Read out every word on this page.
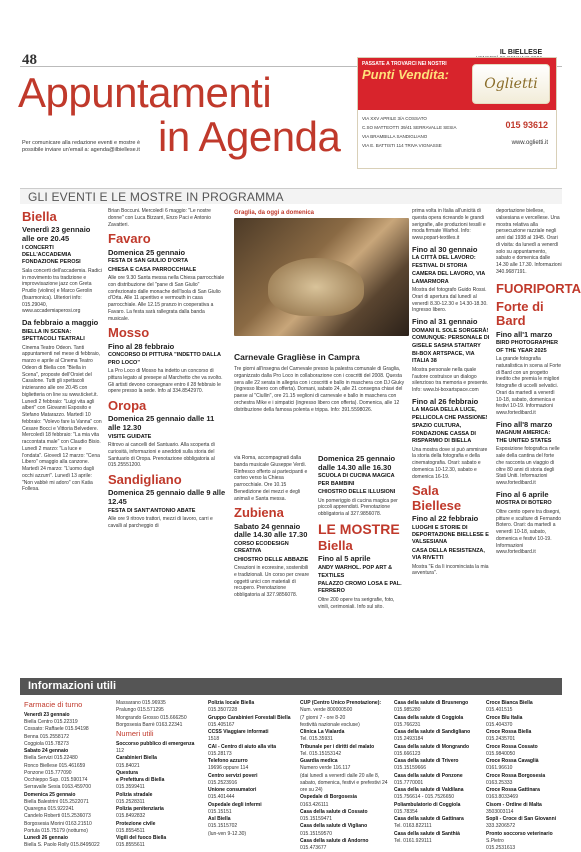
48	IL BIELLESE
Appuntamenti
in Agenda
Per comunicare alla redazione eventi e mostre è possibile inviare un'email a: agenda@ilbiellese.it
PASSATE A TROVARCI NEI NOSTRI
Punti Vendita:
Oglietti
VIA XXV APRILE 3/A COSSATO
C.SO MATTEOTTI 39/41 SERRAVALLE SESIA
VIA BRAMBILLA SANDIGLIANO
VIA E. BATTISTI 114 TRIVA VIGNASSE
015 93612
www.oglietti.it
GLI EVENTI E LE MOSTRE IN PROGRAMMA
Biella
Venerdì 23 gennaio alle ore 20.45
I CONCERTI DELL'ACCADEMIA FONDAZIONE PEROSI
Sala concerti dell'accademia. Radici in movimento tra tradizione e improvvisazione jazz con Greta Prudio (violino) e Marco Gerolin (fisarmonica). Ulteriori info: 015.29040, www.accademiaperosi.org
Da febbraio a maggio
BIELLA IN SCENA: SPETTACOLI TEATRALI
Cinema Teatro Odeon. Tanti appuntamenti nel mese di febbraio, marzo e aprile al Cinema Teatro Odeon di Biella con "Biella in Scena", proposte dell'Orsiet del Casalone. Tutti gli spettacoli inizieranno alle ore 20.45 con biglietteria on line su www.ticket.it. Lunedì 2 febbraio: "Luigi vita agli alberi" con Giovanni Esposito e Stefano Matarazzo. Martedì 10 febbraio: "Volevo fare la Vanna" con Cesare Bocci e Vittoria Belvedere. Mercoledì 18 febbraio: "La mia vita raccontata male" con Claudio Bisio. Lunedì 2 marzo: "La luce e l'ondata". Giovedì 12 marzo: "Cena Libero" omaggio alla canzone. Martedì 24 marzo: "L'uomo dagli occhi azzurri". Lunedì 13 aprile: "Non vabbè mi adoro" con Katia Follesa.
Brian Boccuni. Mercoledì 6 maggio: "Le nostre donne" con Luca Bizzarri, Enzo Paci e Antonio Zavatteri.
Favaro
Domenica 25 gennaio
FESTA DI SAN GIULIO D'ORTA
CHIESA E CASA PARROCCHIALE
Alle ore 9.30 Santa messa nella Chiesa parrocchiale con distribuzione del "pane di San Giulio" confezionato dalle monache dell'Isola di San Giulio d'Orta. Alle 11 aperitivo e vermouth in casa parrocchiale. Alle 12.15 pranzo in cooperativa a Favaro. La festa sarà rallegrata dalla banda musicale.
Mosso
Fino al 28 febbraio
CONCORSO DI PITTURA "INDETTO DALLA PRO LOCO"
La Pro Loco di Mosso ha indetto un concorso di pittura legato al presepe al Marchetto che va svolto. Gli artisti devono consegnare entro il 28 febbraio le opere presso la sede. Info al 334.8542970.
Oropa
Domenica 25 gennaio dalle 11 alle 12.30
VISITE GUIDATE
Ritrovo ai cancelli del Santuario. Alla scoperta di curiosità, informazioni e aneddoti sulla storia del Santuario di Oropa. Prenotazione obbligatoria al 015.25551200.
Sandigliano
Domenica 25 gennaio dalle 9 alle 12.45
FESTA DI SANT'ANTONIO ABATE
Alle ore 9 ritrovo trattori, mezzi di lavoro, carri e cavalli al parcheggio di
Graglia, da oggi a domenica
Carnevale Graglièse in Campra
Tre giorni all'insegna del Carnevale presso la palestra comunale di Graglia, organizzato dalla Pro Loco in collaborazione con i coscritti del 2008. Questa sera alle 22 serata in allegria con i coscritti e ballo in maschera con DJ Giuky (ingresso libero con offerta). Domani, sabato 24, alle 21 consegna chiavi del paese al "Ciullin", ore 21.15 veglioni di carnevale e ballo in maschera con orchestra Mike e i simpatici (ingresso libero con offerta). Domenica, alle 12 distribuzione della famosa polenta e trippa. Info: 391.5598026.
via Roma, accompagnati dalla banda musicale Giuseppe Verdi. Rinfresco offerto ai partecipanti e corteo verso la Chiesa parrocchiale. Ore 10.15 Benedizione dei mezzi e degli animali e Santa messa.
Zubiena
Sabato 24 gennaio dalle 14.30 alle 17.30
CORSO ECODESIGN CREATIVA
CHIOSTRO DELLE ABBAZIE
Creazioni in ecoresine, sostenibili e tradizionali. Un corso per creare oggetti unici con materiali di recupero. Prenotazione obbligatoria al 327.9856078.
Domenica 25 gennaio dalle 14.30 alle 16.30
SCUOLA DI CUCINA MAGICA PER BAMBINI
CHIOSTRO DELLE ILLUSIONI
Un pomeriggio di cucina magica per piccoli apprendisti. Prenotazione obbligatoria al 327.9856078.
LE MOSTRE
Biella
Fino al 5 aprile
ANDY WARHOL. POP ART & TEXTILES
PALAZZO CROMO LOSA E PAL. FERRERO
Oltre 200 opere tra serigrafie, foto, vinili, cerimoniali. Info sul sito.
prima volta in Italia all'unicità di questa opera ricreando le grandi serigrafie, alle produzioni tessili e moda firmate Warhol. Info: www.popart-textiles.it
Fino al 30 gennaio
LA CITTÀ DEL LAVORO: FESTIVAL DI STORIA
CAMERA DEL LAVORO, VIA LAMARMORA
Mostra del fotografo Guido Rossi. Orari di apertura dal lunedì al venerdì 8.30-12.30 e 14.30-18.30. Ingresso libero.
Fino al 31 gennaio
DOMANI IL SOLE SORGERÀ! COMUNQUE: PERSONALE DI GISELE SASHA STAITARY
BI-BOX ARTSPACE, VIA ITALIA 38
Mostra personale nella quale l'autore costruisce un dialogo silenzioso tra memoria e presente. Info: www.bi-boxartspace.com
Fino al 26 febbraio
LA MAGIA DELLA LUCE, PELLICOLA CHE PASSIONE!
SPAZIO CULTURA, FONDAZIONE CASSA DI RISPARMIO DI BIELLA
Una mostra dove si può ammirare la storia della fotografia e della cinematografia. Orari: sabato e domenica 10-12.30, sabato e domenica 16-19.
Sala Biellese
Fino al 22 febbraio
LUOGHI E STORIE DI DEPORTAZIONE BIELLESE E VALSESIANA
CASA DELLA RESISTENZA, VIA RIVETTI
Mostra "E da lì incominciata la mia avventura".
deportazione biellese, valsesiana e vercellese. Una mostra relativa alla persecuzione razziale negli anni dal 1938 al 1945. Orari di visita: da lunedì a venerdì solo su appuntamento, sabato e domenica dalle 14.30 alle 17.30. Informazioni 340.9687191.
FUORIPORTA
Forte di Bard
Fino all'1 marzo
BIRD PHOTOGRAPHER OF THE YEAR 2025
La grande fotografia naturalistica in scena al Forte di Bard con un progetto inedito che premia le migliori fotografie di uccelli selvatici. Orari da martedì a venerdì 10-18, sabato, domenica e festivi 10-19. Informazioni www.fortedibard.it
Fino all'8 marzo
MAGNUM AMERICA: THE UNITED STATES
Esposizione fotografica nelle sale della cantina del forte che racconta un viaggio di oltre 80 anni di storia degli Stati Uniti. Informazioni www.fortedibard.it
Fino al 6 aprile
MOSTRA DI BOTERO
Oltre cento opere tra disegni, pitture e sculture di Fernando Botero. Orari: da martedì a venerdì 10-18, sabato, domenica e festivi 10-19. Informazioni www.fortedibard.it
Informazioni utili
Farmacie di turno
Venerdì 23 gennaio
Biella Centro 015.22319
Cossato: Raffaele 015.94198
Benna 015.2558172
Coggiola 015.78273
Sabato 24 gennaio
Biella Servizi 015.22480
Ronco Biellese 015.461659
Ponzone 015.777090
Occhieppo Sup. 015.590174
Serravalle Sesia 0163.459700
Domenica 25 gennaio
Biella Balestrini 015.2522071
Quaregna 015.922241
Candelo Roberti 015.2536073
Borgosesia Morini 0163.21510
Portula 015.75179 (notturno)
Lunedì 26 gennaio
Biella S. Paolo Rolly 015.8495022
Massarano 015.96935
Pralungo 015.571295
Mongrando Grosso 015.666250
Borgosesia Barrè 0163.22341
Numeri utili
Soccorso pubblico di emergenza
112
Carabinieri Biella
015.84021
Questura
e Prefettura di Biella
015.3599411
Polizia stradale
015.2528311
Polizia penitenziaria
015.8492832
Protezione civile
015.8554511
Vigili del fuoco Biella
015.8555611
Polizia locale Biella
015.3507228
Gruppo Carabinieri Forestali Biella
015.405167
CCSS Viaggiare informati
1518
CAI - Centro di aiuto alla vita
015.28173
Telefono azzurro
19696 oppure 114
Centro servizi poveri
015.2523916
Unione consumatori
015.401444
Ospedale degli infermi
015.15151
Asl Biella
015.1515702
(lun-ven 9-12.30)
CUP (Centro Unico Prenotazione):
Num. verde 800000500
(7 giorni 7 - ore 8-20
festività nazionale escluse)
Clinica La Vialarda
Tel. 015.35931
Tribunale per i diritti del malato
Tel. 015.15153142
Guardia medica
Numero verde 116.117
(dai lunedì a venerdì dalle 20 alle 8, sabato, domenica, festivi e prefestivi 24 ore su 24)
Ospedale di Borgosesia
0163.426111
Casa della salute di Cossato
015.15159471
Casa della salute di Vigliano
015.15159570
Casa della salute di Andorno
015.473677
Casa della salute di Brusnengo
015.985280
Casa della salute di Coggiola
015.766231
Casa della salute di Sandigliano
015.2493184
Casa della salute di Mongrando
015.666123
Casa della salute di Trivero
015.15159666
Casa della salute di Ponzone
015.7770001
Casa della salute di Valdilana
015.756614 - 015.7526650
Poliambulatorio di Coggiola
015.78354
Casa della salute di Gattinara
Tel. 0163.822111
Casa della salute di Santhià
Tel. 0161.929111
Croce Bianca Biella
015.401515
Croce Blu Italia
015.404370
Croce Rossa Biella
015.2435701
Croce Rossa Cossato
015.9840050
Croce Rossa Cavaglià
0161.96610
Croce Rossa Borgosesia
0163.25333
Croce Rossa Gattinara
0163.8033469
Cisom - Ordine di Malta
3503003114
Sopli - Croce di San Giovanni
333.3206572
Pronto soccorso veterinario
S.Pietro
015.2531613
